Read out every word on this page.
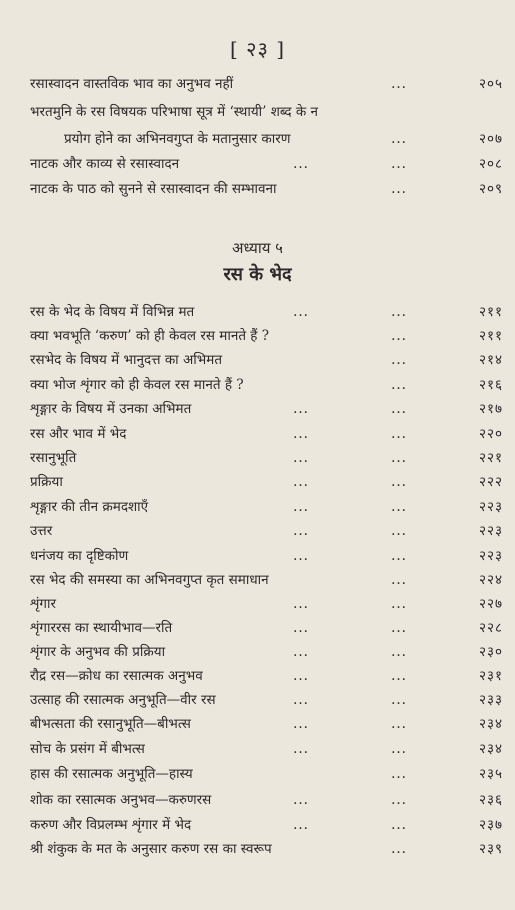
[ २३ ]
अध्याय ५
रस के भेद
रसास्वादन वास्तविक भाव का अनुभव नहीं	...	२०५
भरतमुनि के रस विषयक परिभाषा सूत्र में ‘स्थायी’ शब्द के न
प्रयोग होने का अभिनवगुप्त के मतानुसार कारण	...	२०७
नाटक और काव्य से रसास्वादन	...	...	२०८
नाटक के पाठ को सुनने से रसास्वादन की सम्भावना	...	२०९
रस के भेद के विषय में विभिन्न मत	...	...	२११
क्या भवभूति ‘करुण’ को ही केवल रस मानते हैं ?	...	२११
रसभेद के विषय में भानुदत्त का अभिमत	...	२१४
क्या भोज शृंगार को ही केवल रस मानते हैं ?	...	२१६
शृङ्गार के विषय में उनका अभिमत	...	...	२१७
रस और भाव में भेद	...	...	२२०
रसानुभूति	...	...	२२१
प्रक्रिया	...	...	२२२
शृङ्गार की तीन क्रमदशाएँ	...	...	२२३
उत्तर	...	...	२२३
धनंजय का दृष्टिकोण	...	...	२२३
रस भेद की समस्या का अभिनवगुप्त कृत समाधान	...	२२४
शृंगार	...	...	२२७
शृंगाररस का स्थायीभाव—रति	...	...	२२८
शृंगार के अनुभव की प्रक्रिया	...	...	२३०
रौद्र रस—क्रोध का रसात्मक अनुभव	...	...	२३१
उत्साह की रसात्मक अनुभूति—वीर रस	...	...	२३३
बीभत्सता की रसानुभूति—बीभत्स	...	...	२३४
सोच के प्रसंग में बीभत्स	...	...	२३४
हास की रसात्मक अनुभूति—हास्य	...	२३५
शोक का रसात्मक अनुभव—करुणरस	...	...	२३६
करुण और विप्रलम्भ शृंगार में भेद	...	...	२३७
श्री शंकुक के मत के अनुसार करुण रस का स्वरूप	...	२३९
